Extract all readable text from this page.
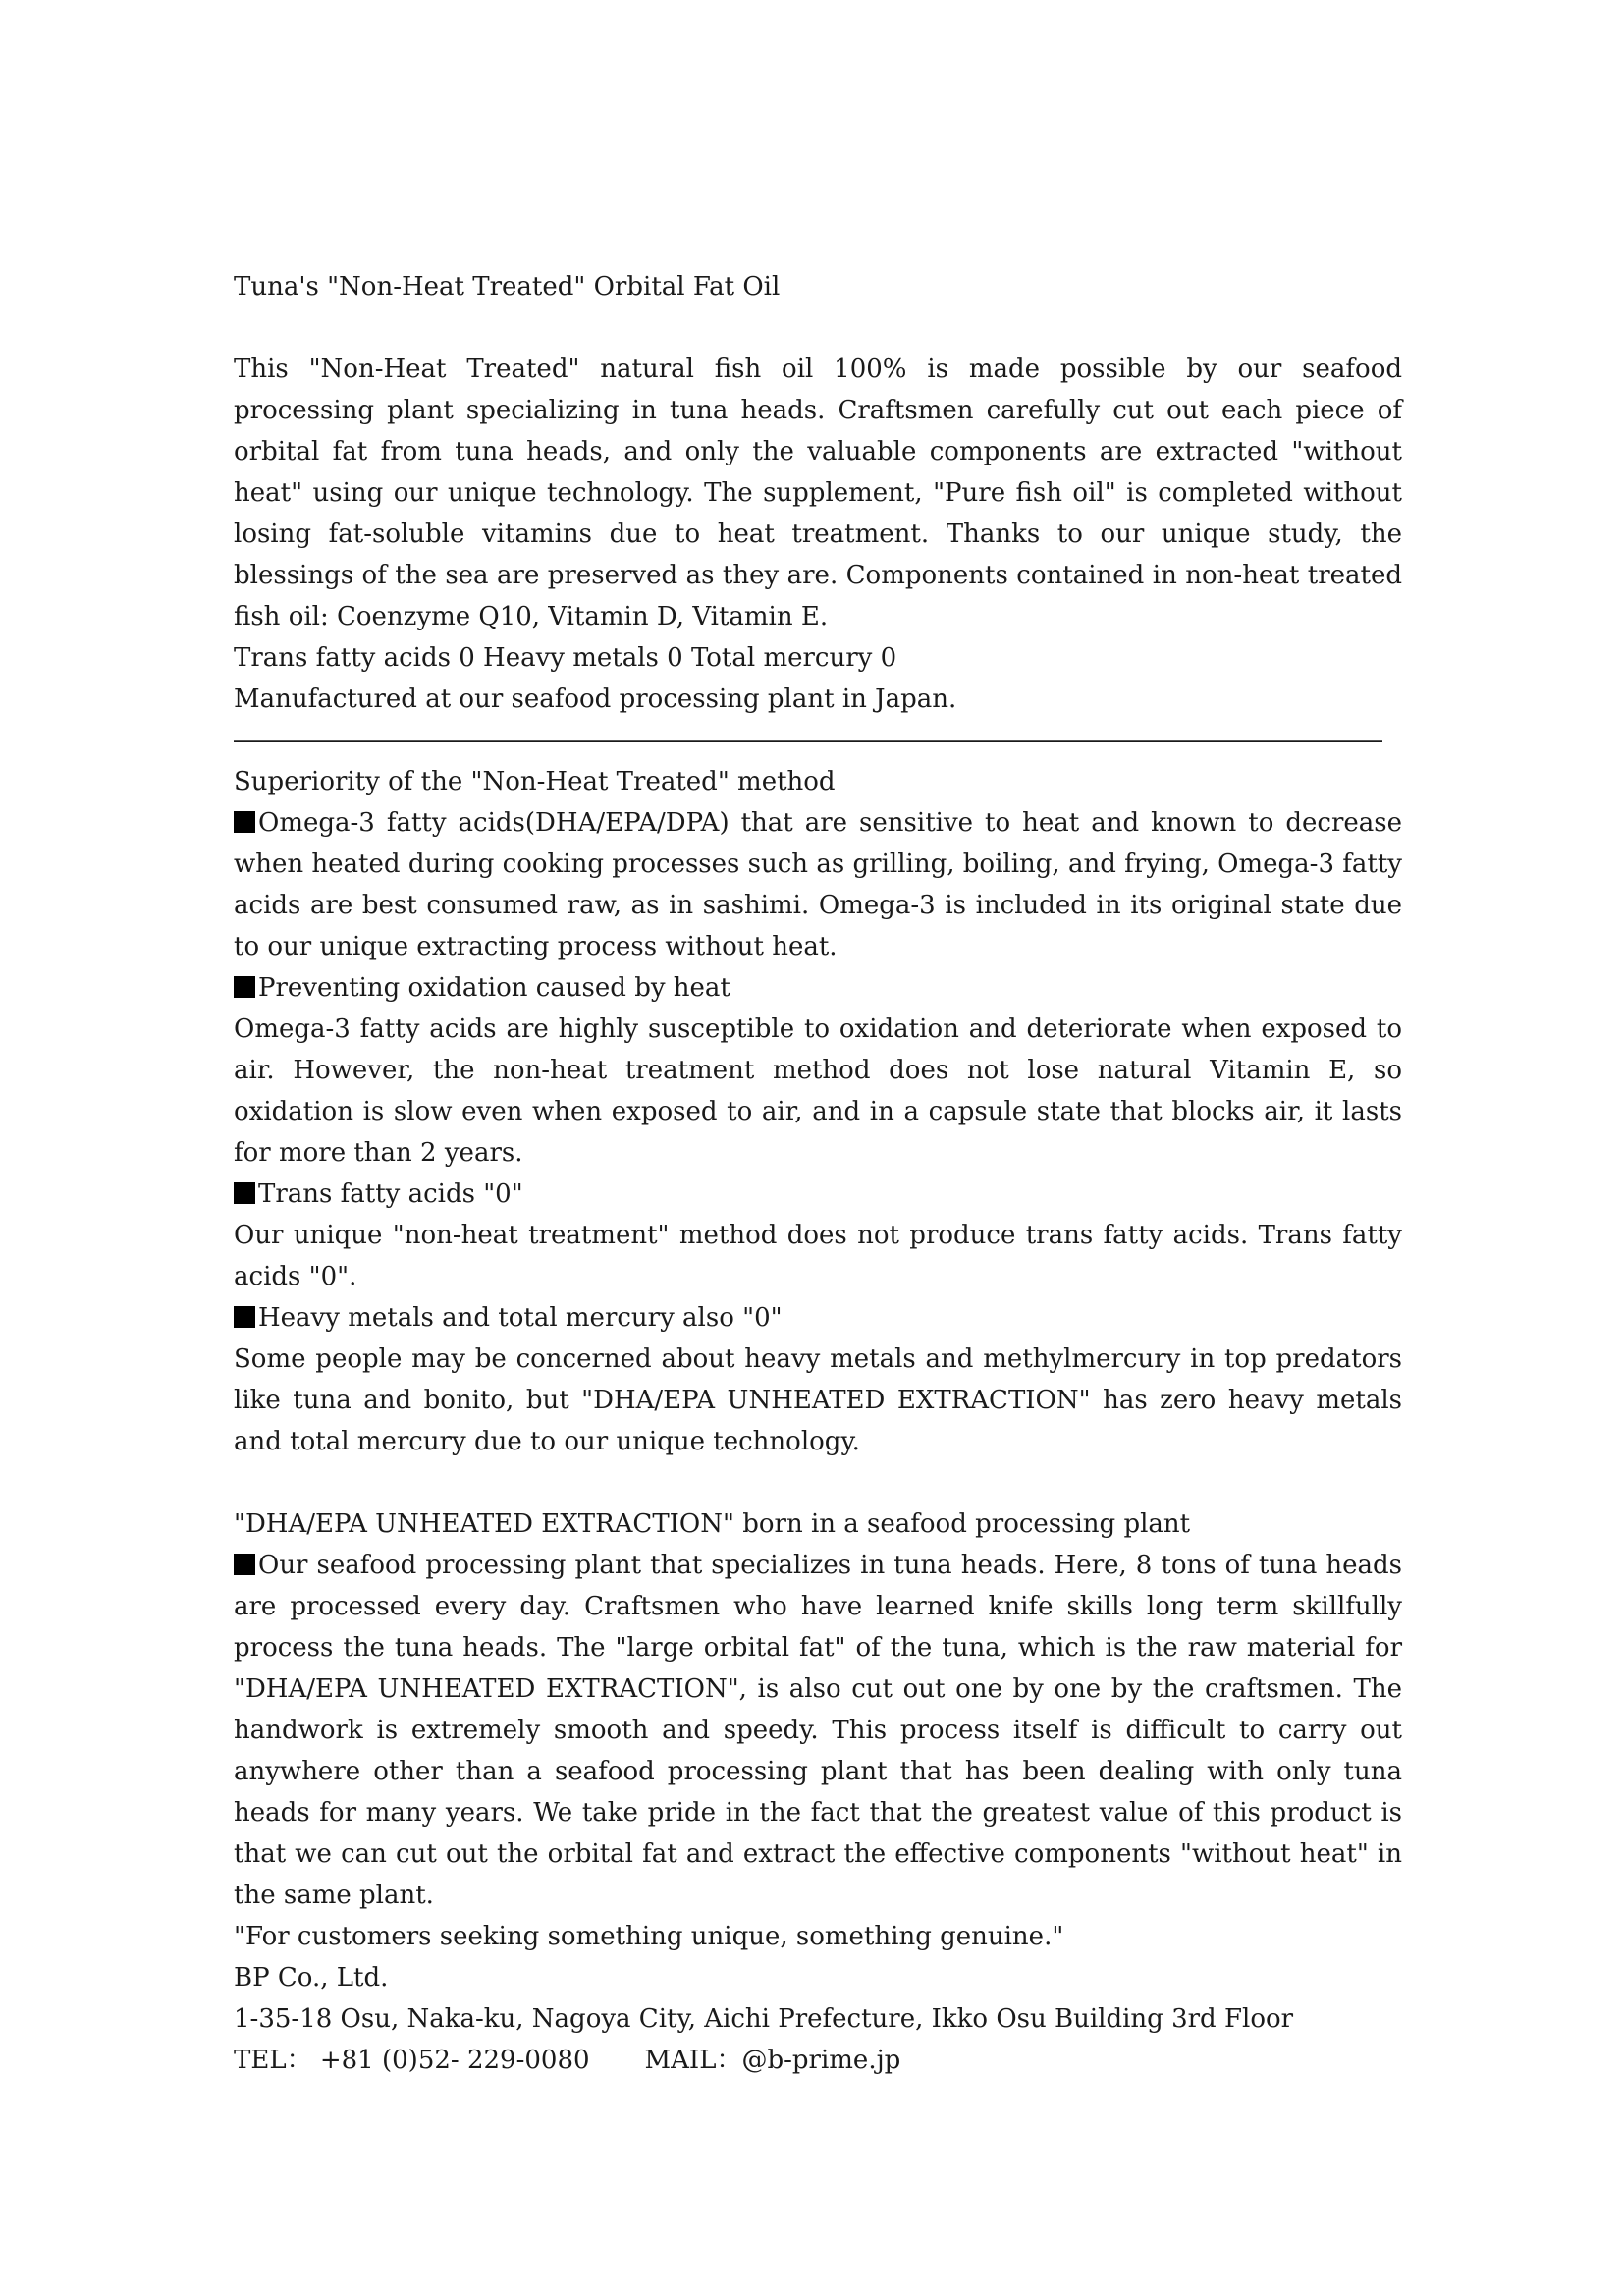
Tuna's "Non-Heat Treated" Orbital Fat Oil
This "Non-Heat Treated" natural fish oil 100% is made possible by our seafood processing plant specializing in tuna heads. Craftsmen carefully cut out each piece of orbital fat from tuna heads, and only the valuable components are extracted "without heat" using our unique technology. The supplement, "Pure fish oil" is completed without losing fat-soluble vitamins due to heat treatment. Thanks to our unique study, the blessings of the sea are preserved as they are. Components contained in non-heat treated fish oil: Coenzyme Q10, Vitamin D, Vitamin E.
Trans fatty acids 0 Heavy metals 0 Total mercury 0
Manufactured at our seafood processing plant in Japan.
―――――――――――――――――――――――――――――――――――――――――――――
Superiority of the "Non-Heat Treated" method
Omega-3 fatty acids(DHA/EPA/DPA) that are sensitive to heat and known to decrease when heated during cooking processes such as grilling, boiling, and frying, Omega-3 fatty acids are best consumed raw, as in sashimi. Omega-3 is included in its original state due to our unique extracting process without heat.
Preventing oxidation caused by heat
Omega-3 fatty acids are highly susceptible to oxidation and deteriorate when exposed to air. However, the non-heat treatment method does not lose natural Vitamin E, so oxidation is slow even when exposed to air, and in a capsule state that blocks air, it lasts for more than 2 years.
Trans fatty acids "0"
Our unique "non-heat treatment" method does not produce trans fatty acids. Trans fatty acids "0".
Heavy metals and total mercury also "0"
Some people may be concerned about heavy metals and methylmercury in top predators like tuna and bonito, but "DHA/EPA UNHEATED EXTRACTION" has zero heavy metals and total mercury due to our unique technology.
"DHA/EPA UNHEATED EXTRACTION" born in a seafood processing plant
Our seafood processing plant that specializes in tuna heads. Here, 8 tons of tuna heads are processed every day. Craftsmen who have learned knife skills long term skillfully process the tuna heads. The "large orbital fat" of the tuna, which is the raw material for "DHA/EPA UNHEATED EXTRACTION", is also cut out one by one by the craftsmen. The handwork is extremely smooth and speedy. This process itself is difficult to carry out anywhere other than a seafood processing plant that has been dealing with only tuna heads for many years. We take pride in the fact that the greatest value of this product is that we can cut out the orbital fat and extract the effective components "without heat" in the same plant.
"For customers seeking something unique, something genuine."
BP Co., Ltd.
1-35-18 Osu, Naka-ku, Nagoya City, Aichi Prefecture, Ikko Osu Building 3rd Floor
TEL： +81 (0)52- 229-0080 MAIL：@b-prime.jp
